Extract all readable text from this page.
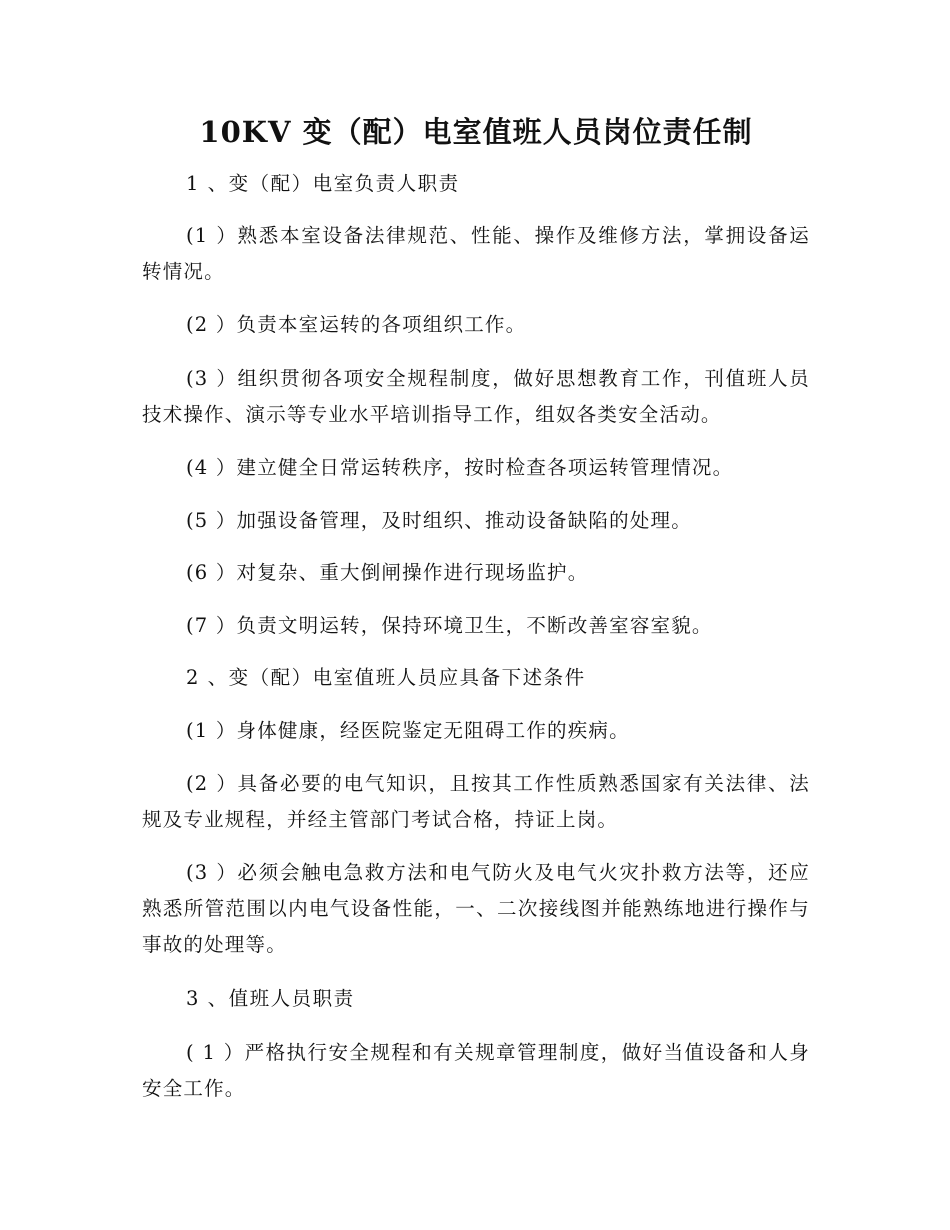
10KV 变（配）电室值班人员岗位责任制

1 、变（配）电室负责人职责

(1 ）熟悉本室设备法律规范、性能、操作及维修方法，掌拥设备运转情况。

(2 ）负责本室运转的各项组织工作。

(3 ）组织贯彻各项安全规程制度，做好思想教育工作，刊值班人员技术操作、演示等专业水平培训指导工作，组奴各类安全活动。

(4 ）建立健全日常运转秩序，按时检查各项运转管理情况。

(5 ）加强设备管理，及时组织、推动设备缺陷的处理。

(6 ）对复杂、重大倒闸操作进行现场监护。

(7 ）负责文明运转，保持环境卫生，不断改善室容室貌。

2 、变（配）电室值班人员应具备下述条件

(1 ）身体健康，经医院鉴定无阻碍工作的疾病。

(2 ）具备必要的电气知识，且按其工作性质熟悉国家有关法律、法规及专业规程，并经主管部门考试合格，持证上岗。

(3 ）必须会触电急救方法和电气防火及电气火灾扑救方法等，还应熟悉所管范围以内电气设备性能，一、二次接线图并能熟练地进行操作与事故的处理等。

3 、值班人员职责

( 1 ）严格执行安全规程和有关规章管理制度，做好当值设备和人身安全工作。
